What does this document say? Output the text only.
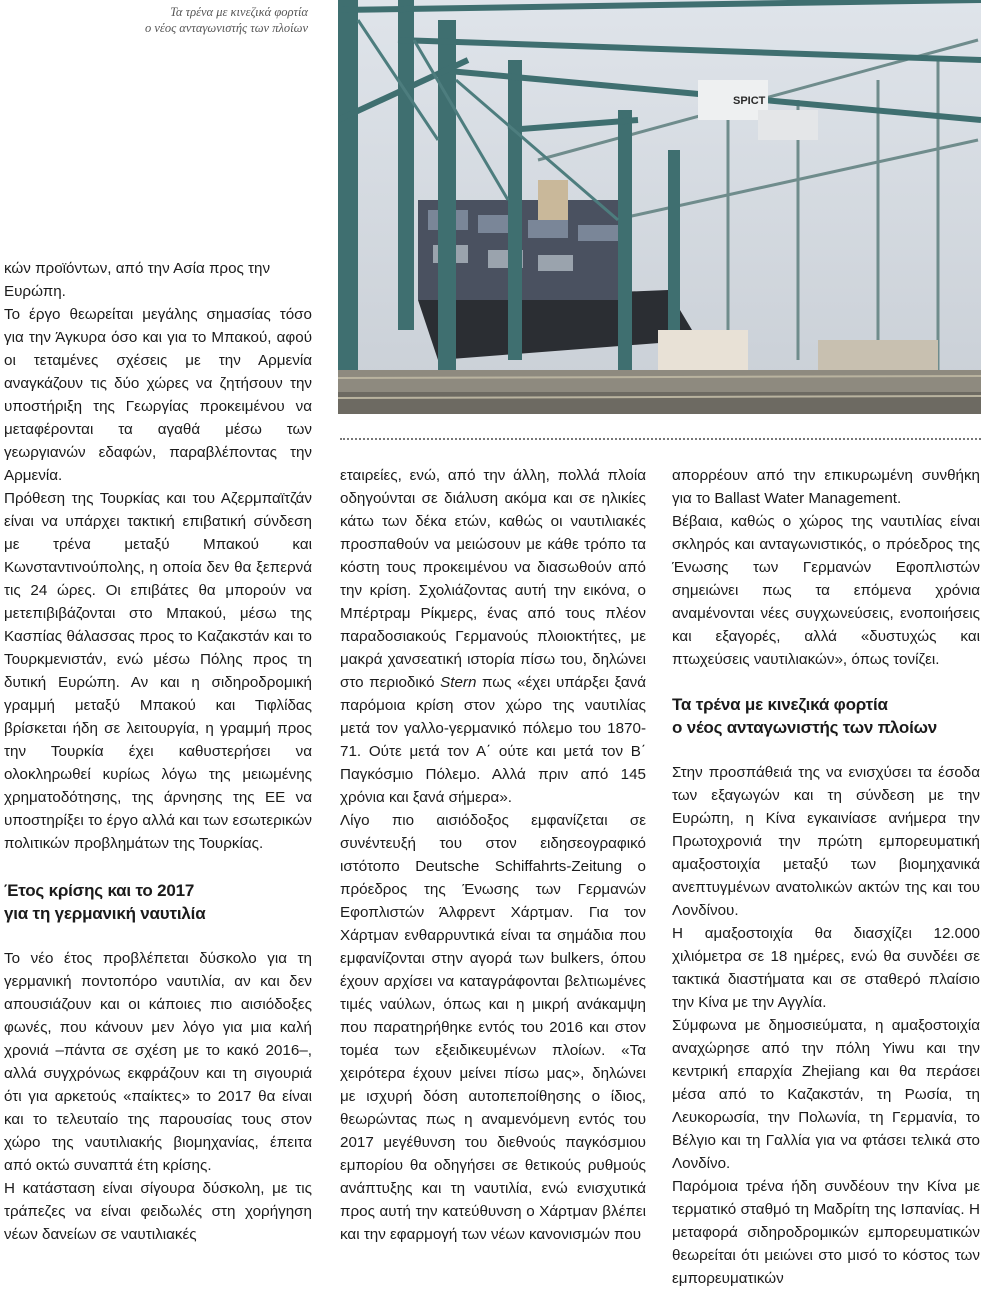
Τα τρένα με κινεζικά φορτία
ο νέος ανταγωνιστής των πλοίων
SPICT

κών προϊόντων, από την Ασία προς την Ευρώπη.

Το έργο θεωρείται μεγάλης σημασίας τόσο για την Άγκυρα όσο και για το Μπακού, αφού οι τεταμένες σχέσεις με την Αρμενία αναγκάζουν τις δύο χώρες να ζητήσουν την υποστήριξη της Γεωργίας προκειμένου να μεταφέρονται τα αγαθά μέσω των γεωργιανών εδαφών, παραβλέποντας την Αρμενία.

Πρόθεση της Τουρκίας και του Αζερμπαϊτζάν είναι να υπάρχει τακτική επιβατική σύνδεση με τρένα μεταξύ Μπακού και Κωνσταντινούπολης, η οποία δεν θα ξεπερνά τις 24 ώρες. Οι επιβάτες θα μπορούν να μετεπιβιβάζονται στο Μπακού, μέσω της Κασπίας θάλασσας προς το Καζακστάν και το Τουρκμενιστάν, ενώ μέσω Πόλης προς τη δυτική Ευρώπη. Αν και η σιδηροδρομική γραμμή μεταξύ Μπακού και Τιφλίδας βρίσκεται ήδη σε λειτουργία, η γραμμή προς την Τουρκία έχει καθυστερήσει να ολοκληρωθεί κυρίως λόγω της μειωμένης χρηματοδότησης, της άρνησης της ΕΕ να υποστηρίξει το έργο αλλά και των εσωτερικών πολιτικών προβλημάτων της Τουρκίας.

Έτος κρίσης και το 2017
για τη γερμανική ναυτιλία

Το νέο έτος προβλέπεται δύσκολο για τη γερμανική ποντοπόρο ναυτιλία, αν και δεν απουσιάζουν και οι κάποιες πιο αισιόδοξες φωνές, που κάνουν μεν λόγο για μια καλή χρονιά –πάντα σε σχέση με το κακό 2016–, αλλά συγχρόνως εκφράζουν και τη σιγουριά ότι για αρκετούς «παίκτες» το 2017 θα είναι και το τελευταίο της παρουσίας τους στον χώρο της ναυτιλιακής βιομηχανίας, έπειτα από οκτώ συναπτά έτη κρίσης.

Η κατάσταση είναι σίγουρα δύσκολη, με τις τράπεζες να είναι φειδωλές στη χορήγηση νέων δανείων σε ναυτιλιακές

εταιρείες, ενώ, από την άλλη, πολλά πλοία οδηγούνται σε διάλυση ακόμα και σε ηλικίες κάτω των δέκα ετών, καθώς οι ναυτιλιακές προσπαθούν να μειώσουν με κάθε τρόπο τα κόστη τους προκειμένου να διασωθούν από την κρίση. Σχολιάζοντας αυτή την εικόνα, ο Μπέρτραμ Ρίκμερς, ένας από τους πλέον παραδοσιακούς Γερμανούς πλοιοκτήτες, με μακρά χανσεατική ιστορία πίσω του, δηλώνει στο περιοδικό Stern πως «έχει υπάρξει ξανά παρόμοια κρίση στον χώρο της ναυτιλίας μετά τον γαλλο-γερμανικό πόλεμο του 1870-71. Ούτε μετά τον Α΄ ούτε και μετά τον Β΄ Παγκόσμιο Πόλεμο. Αλλά πριν από 145 χρόνια και ξανά σήμερα».

Λίγο πιο αισιόδοξος εμφανίζεται σε συνέντευξή του στον ειδησεογραφικό ιστότοπο Deutsche Schiffahrts-Zeitung ο πρόεδρος της Ένωσης των Γερμανών Εφοπλιστών Άλφρεντ Χάρτμαν. Για τον Χάρτμαν ενθαρρυντικά είναι τα σημάδια που εμφανίζονται στην αγορά των bulkers, όπου έχουν αρχίσει να καταγράφονται βελτιωμένες τιμές ναύλων, όπως και η μικρή ανάκαμψη που παρατηρήθηκε εντός του 2016 και στον τομέα των εξειδικευμένων πλοίων. «Τα χειρότερα έχουν μείνει πίσω μας», δηλώνει με ισχυρή δόση αυτοπεποίθησης ο ίδιος, θεωρώντας πως η αναμενόμενη εντός του 2017 μεγέθυνση του διεθνούς παγκόσμιου εμπορίου θα οδηγήσει σε θετικούς ρυθμούς ανάπτυξης και τη ναυτιλία, ενώ ενισχυτικά προς αυτή την κατεύθυνση ο Χάρτμαν βλέπει και την εφαρμογή των νέων κανονισμών που

απορρέουν από την επικυρωμένη συνθήκη για το Ballast Water Management.

Βέβαια, καθώς ο χώρος της ναυτιλίας είναι σκληρός και ανταγωνιστικός, ο πρόεδρος της Ένωσης των Γερμανών Εφοπλιστών σημειώνει πως τα επόμενα χρόνια αναμένονται νέες συγχωνεύσεις, ενοποιήσεις και εξαγορές, αλλά «δυστυχώς και πτωχεύσεις ναυτιλιακών», όπως τονίζει.

Τα τρένα με κινεζικά φορτία
ο νέος ανταγωνιστής των πλοίων

Στην προσπάθειά της να ενισχύσει τα έσοδα των εξαγωγών και τη σύνδεση με την Ευρώπη, η Κίνα εγκαινίασε ανήμερα την Πρωτοχρονιά την πρώτη εμπορευματική αμαξοστοιχία μεταξύ των βιομηχανικά ανεπτυγμένων ανατολικών ακτών της και του Λονδίνου.

Η αμαξοστοιχία θα διασχίζει 12.000 χιλιόμετρα σε 18 ημέρες, ενώ θα συνδέει σε τακτικά διαστήματα και σε σταθερό πλαίσιο την Κίνα με την Αγγλία.

Σύμφωνα με δημοσιεύματα, η αμαξοστοιχία αναχώρησε από την πόλη Yiwu και την κεντρική επαρχία Zhejiang και θα περάσει μέσα από το Καζακστάν, τη Ρωσία, τη Λευκορωσία, την Πολωνία, τη Γερμανία, το Βέλγιο και τη Γαλλία για να φτάσει τελικά στο Λονδίνο.

Παρόμοια τρένα ήδη συνδέουν την Κίνα με τερματικό σταθμό τη Μαδρίτη της Ισπανίας. Η μεταφορά σιδηροδρομικών εμπορευματικών θεωρείται ότι μειώνει στο μισό το κόστος των εμπορευματικών
